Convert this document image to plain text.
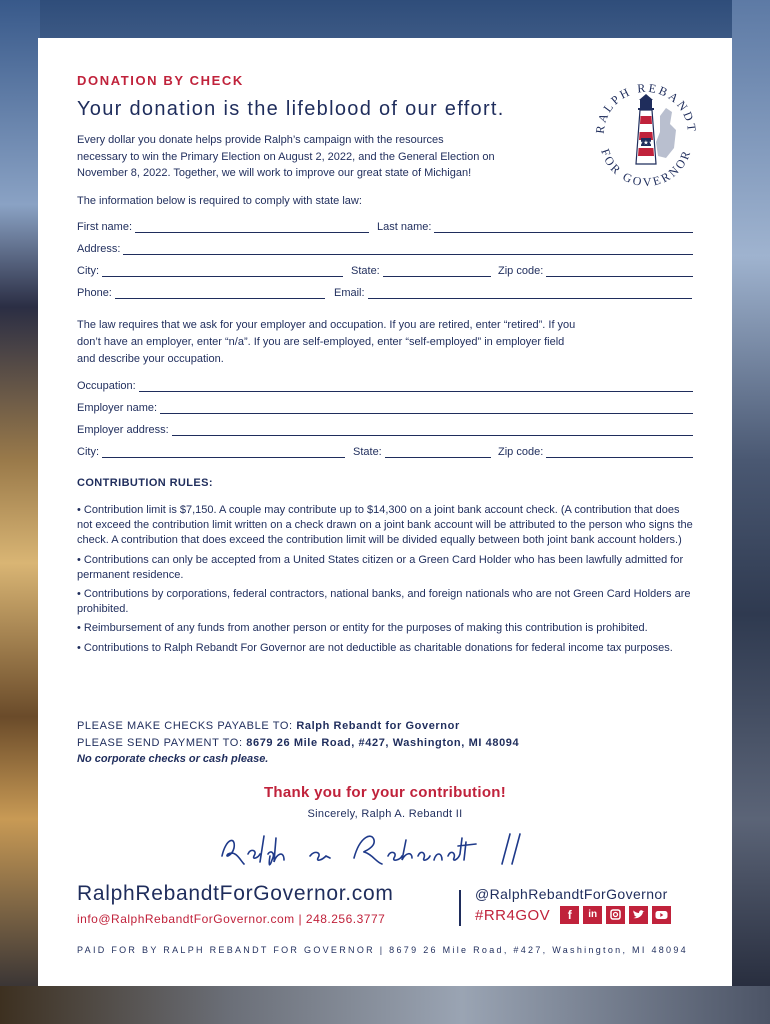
DONATION BY CHECK
Your donation is the lifeblood of our effort.
Every dollar you donate helps provide Ralph’s campaign with the resources
necessary to win the Primary Election on August 2, 2022, and the General Election on
November 8, 2022. Together, we will work to improve our great state of Michigan!
RALPH REBANDT
FOR GOVERNOR
★★★
The information below is required to comply with state law:
First name:	Last name:
Address:
City:	State:	Zip code:
Phone:	Email:
The law requires that we ask for your employer and occupation. If you are retired, enter “retired”. If you
don’t have an employer, enter “n/a”. If you are self-employed, enter “self-employed” in employer field
and describe your occupation.
Occupation:
Employer name:
Employer address:
City:	State:	Zip code:
CONTRIBUTION RULES:

• Contribution limit is $7,150. A couple may contribute up to $14,300 on a joint bank account check. (A contribution that does not exceed the contribution limit written on a check drawn on a joint bank account will be attributed to the person who signs the check. A contribution that does exceed the contribution limit will be divided equally between both joint bank account holders.)

• Contributions can only be accepted from a United States citizen or a Green Card Holder who has been lawfully admitted for permanent residence.

• Contributions by corporations, federal contractors, national banks, and foreign nationals who are not Green Card Holders are prohibited.

• Reimbursement of any funds from another person or entity for the purposes of making this contribution is prohibited.

• Contributions to Ralph Rebandt For Governor are not deductible as charitable donations for federal income tax purposes.

PLEASE MAKE CHECKS PAYABLE TO: Ralph Rebandt for Governor
PLEASE SEND PAYMENT TO: 8679 26 Mile Road, #427, Washington, MI 48094
No corporate checks or cash please.
Thank you for your contribution!
Sincerely, Ralph A. Rebandt II
RalphRebandtForGovernor.com
info@RalphRebandtForGovernor.com | 248.256.3777
@RalphRebandtForGovernor
#RR4GOV	f	in
PAID FOR BY RALPH REBANDT FOR GOVERNOR | 8679 26 Mile Road, #427, Washington, MI 48094
